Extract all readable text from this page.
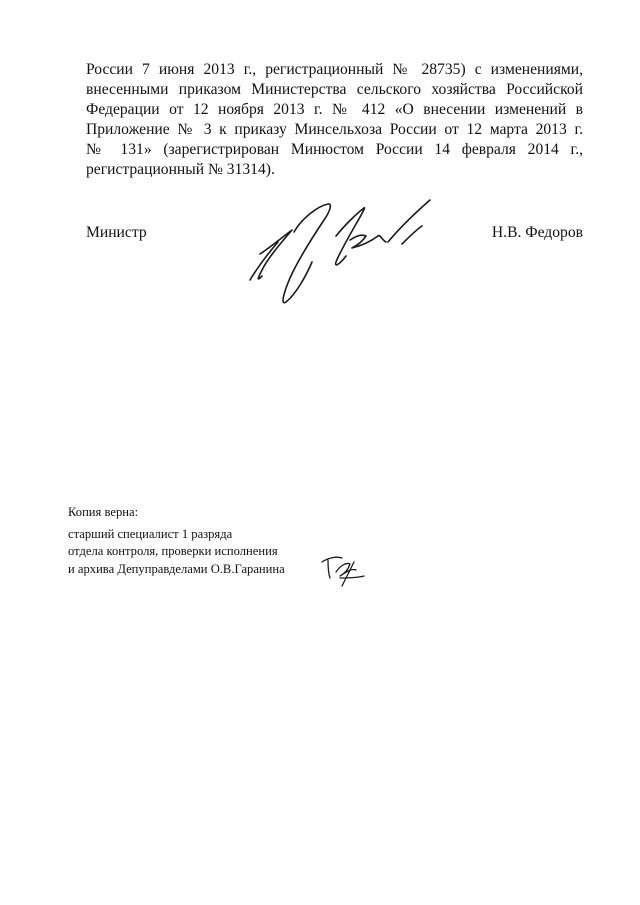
России 7 июня 2013 г., регистрационный № 28735) с изменениями,
внесенными приказом Министерства сельского хозяйства Российской
Федерации от 12 ноября 2013 г. № 412 «О внесении изменений в
Приложение № 3 к приказу Минсельхоза России от 12 марта 2013 г.
№ 131» (зарегистрирован Минюстом России 14 февраля 2014 г.,
регистрационный № 31314).

Министр	Н.В. Федоров
Копия верна:
старший специалист 1 разряда
отдела контроля, проверки исполнения
и архива Депуправделами О.В.Гаранина
